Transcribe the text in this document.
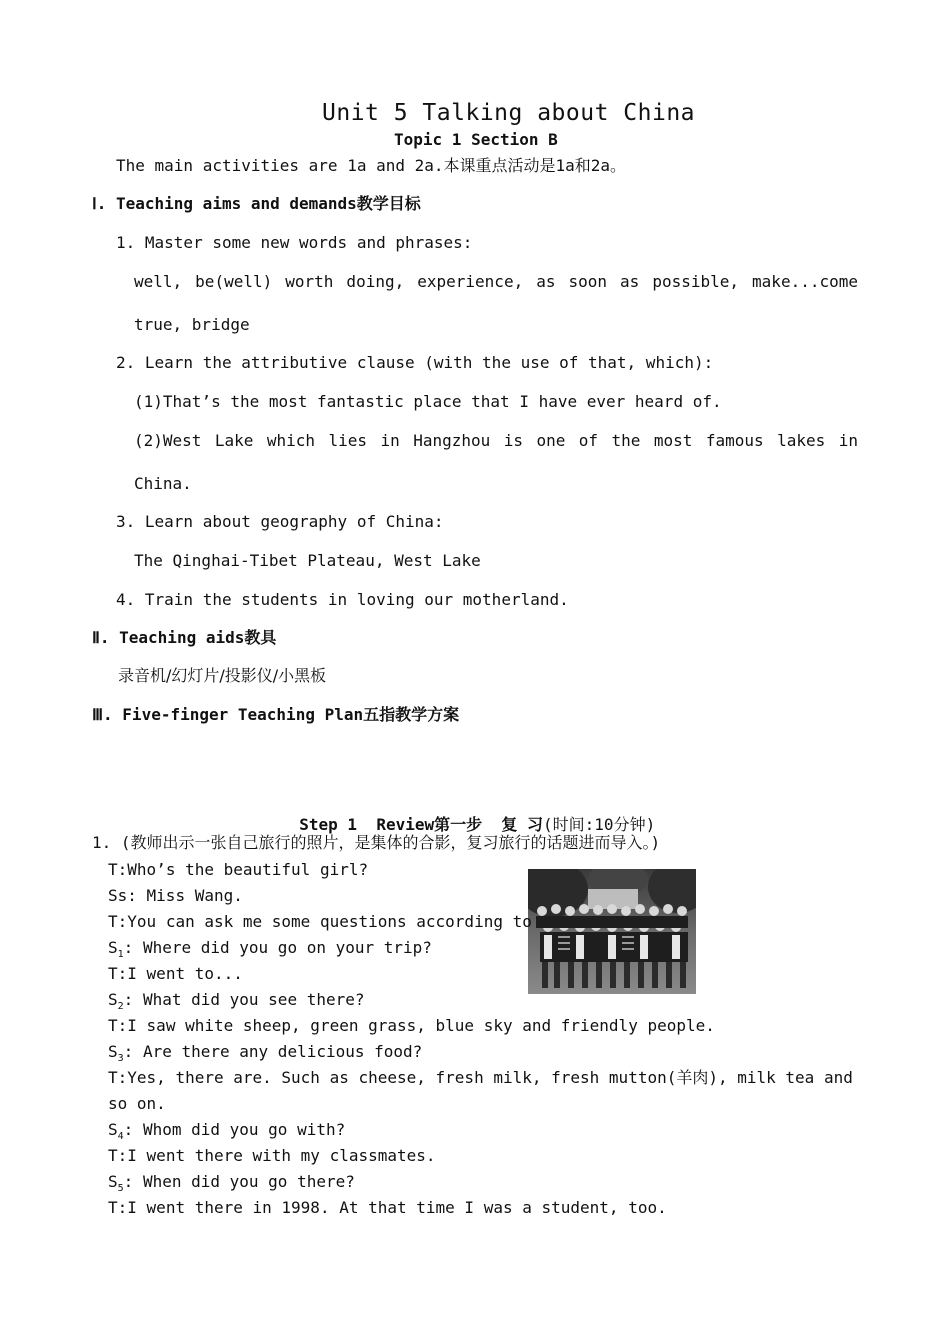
Unit 5 Talking about China
Topic 1 Section B
The main activities are 1a and 2a.本课重点活动是1a和2a。
Ⅰ. Teaching aims and demands教学目标
1. Master some new words and phrases:
well, be(well) worth doing, experience, as soon as possible, make...come
true, bridge
2. Learn the attributive clause (with the use of that, which):
(1)That’s the most fantastic place that I have ever heard of.
(2)West Lake which lies in Hangzhou is one of the most famous lakes in
China.
3. Learn about geography of China:
The Qinghai-Tibet Plateau, West Lake
4. Train the students in loving our motherland.
Ⅱ. Teaching aids教具
录音机/幻灯片/投影仪/小黑板
Ⅲ. Five-finger Teaching Plan五指教学方案

Step 1  Review第一步  复 习(时间:10分钟)

1. (教师出示一张自己旅行的照片，是集体的合影，复习旅行的话题进而导入。)
T:Who’s the beautiful girl?
Ss: Miss Wang.
T:You can ask me some questions according to
$S_1$: Where did you go on your trip?
T:I went to...
$S_2$: What did you see there?
T:I saw white sheep, green grass, blue sky and friendly people.
$S_3$: Are there any delicious food?
T:Yes, there are. Such as cheese, fresh milk, fresh mutton(羊肉), milk tea and
so on.
$S_4$: Whom did you go with?
T:I went there with my classmates.
$S_5$: When did you go there?
T:I went there in 1998. At that time I was a student, too.
